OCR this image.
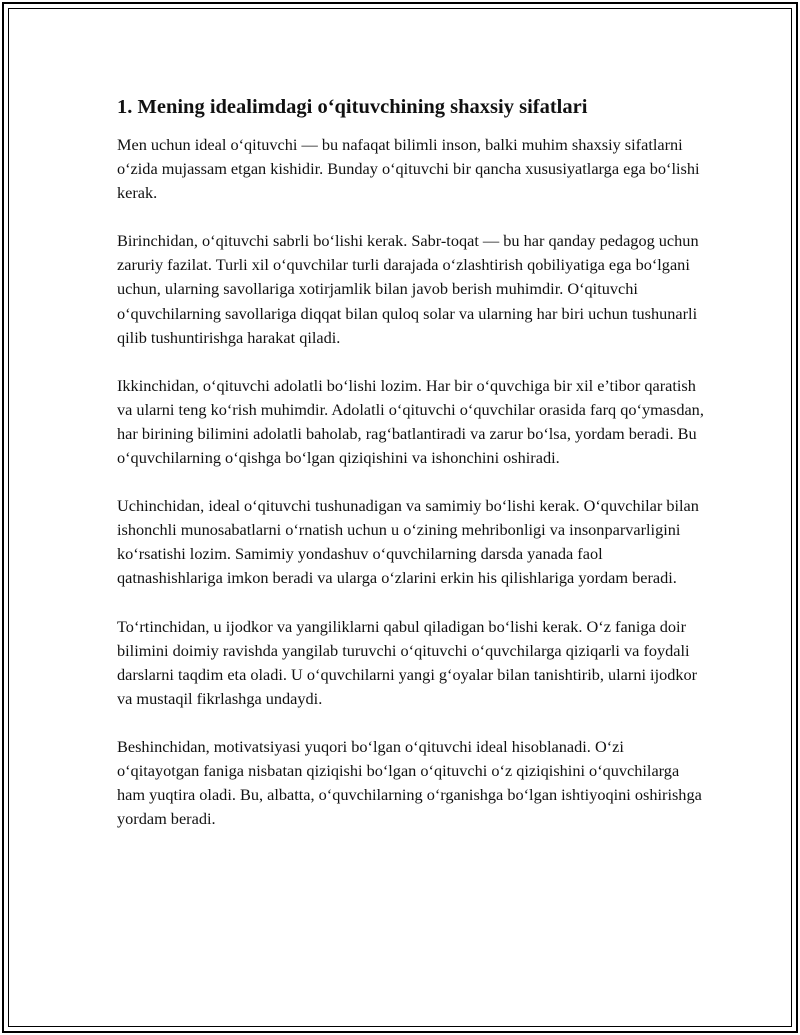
1. Mening idealimdagi o‘qituvchining shaxsiy sifatlari

Men uchun ideal o‘qituvchi — bu nafaqat bilimli inson, balki muhim shaxsiy sifatlarni o‘zida mujassam etgan kishidir. Bunday o‘qituvchi bir qancha xususiyatlarga ega bo‘lishi kerak.

Birinchidan, o‘qituvchi sabrli bo‘lishi kerak. Sabr-toqat — bu har qanday pedagog uchun zaruriy fazilat. Turli xil o‘quvchilar turli darajada o‘zlashtirish qobiliyatiga ega bo‘lgani uchun, ularning savollariga xotirjamlik bilan javob berish muhimdir. O‘qituvchi o‘quvchilarning savollariga diqqat bilan quloq solar va ularning har biri uchun tushunarli qilib tushuntirishga harakat qiladi.

Ikkinchidan, o‘qituvchi adolatli bo‘lishi lozim. Har bir o‘quvchiga bir xil e’tibor qaratish va ularni teng ko‘rish muhimdir. Adolatli o‘qituvchi o‘quvchilar orasida farq qo‘ymasdan, har birining bilimini adolatli baholab, rag‘batlantiradi va zarur bo‘lsa, yordam beradi. Bu o‘quvchilarning o‘qishga bo‘lgan qiziqishini va ishonchini oshiradi.

Uchinchidan, ideal o‘qituvchi tushunadigan va samimiy bo‘lishi kerak. O‘quvchilar bilan ishonchli munosabatlarni o‘rnatish uchun u o‘zining mehribonligi va insonparvarligini ko‘rsatishi lozim. Samimiy yondashuv o‘quvchilarning darsda yanada faol qatnashishlariga imkon beradi va ularga o‘zlarini erkin his qilishlariga yordam beradi.

To‘rtinchidan, u ijodkor va yangiliklarni qabul qiladigan bo‘lishi kerak. O‘z faniga doir bilimini doimiy ravishda yangilab turuvchi o‘qituvchi o‘quvchilarga qiziqarli va foydali darslarni taqdim eta oladi. U o‘quvchilarni yangi g‘oyalar bilan tanishtirib, ularni ijodkor va mustaqil fikrlashga undaydi.

Beshinchidan, motivatsiyasi yuqori bo‘lgan o‘qituvchi ideal hisoblanadi. O‘zi o‘qitayotgan faniga nisbatan qiziqishi bo‘lgan o‘qituvchi o‘z qiziqishini o‘quvchilarga ham yuqtira oladi. Bu, albatta, o‘quvchilarning o‘rganishga bo‘lgan ishtiyoqini oshirishga yordam beradi.
